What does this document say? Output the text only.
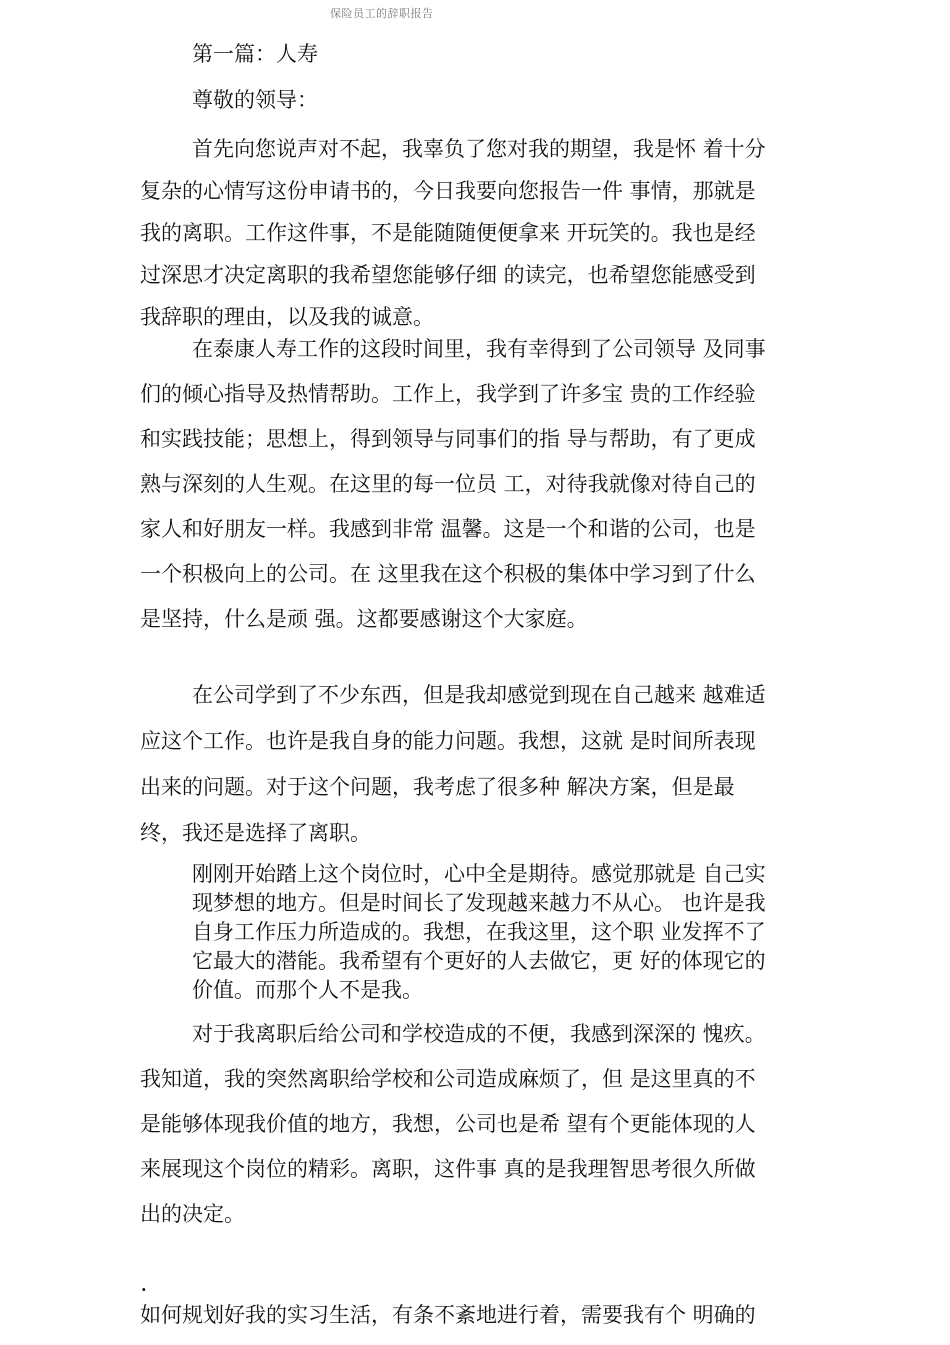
保险员工的辞职报告
第一篇：人寿
尊敬的领导：
首先向您说声对不起，我辜负了您对我的期望，我是怀 着十分
复杂的心情写这份申请书的，今日我要向您报告一件 事情，那就是
我的离职。工作这件事，不是能随随便便拿来 开玩笑的。我也是经
过深思才决定离职的我希望您能够仔细 的读完，也希望您能感受到
我辞职的理由，以及我的诚意。
在泰康人寿工作的这段时间里，我有幸得到了公司领导 及同事
们的倾心指导及热情帮助。工作上，我学到了许多宝 贵的工作经验
和实践技能；思想上，得到领导与同事们的指 导与帮助，有了更成
熟与深刻的人生观。在这里的每一位员 工，对待我就像对待自己的
家人和好朋友一样。我感到非常 温馨。这是一个和谐的公司，也是
一个积极向上的公司。在 这里我在这个积极的集体中学习到了什么
是坚持，什么是顽 强。这都要感谢这个大家庭。
在公司学到了不少东西，但是我却感觉到现在自己越来 越难适
应这个工作。也许是我自身的能力问题。我想，这就 是时间所表现
出来的问题。对于这个问题，我考虑了很多种 解决方案，但是最
终，我还是选择了离职。
刚刚开始踏上这个岗位时，心中全是期待。感觉那就是 自己实
现梦想的地方。但是时间长了发现越来越力不从心。 也许是我
自身工作压力所造成的。我想，在我这里，这个职 业发挥不了
它最大的潜能。我希望有个更好的人去做它，更 好的体现它的
价值。而那个人不是我。
对于我离职后给公司和学校造成的不便，我感到深深的 愧疚。
我知道，我的突然离职给学校和公司造成麻烦了，但 是这里真的不
是能够体现我价值的地方，我想，公司也是希 望有个更能体现的人
来展现这个岗位的精彩。离职，这件事 真的是我理智思考很久所做
出的决定。
.
如何规划好我的实习生活，有条不紊地进行着，需要我有个 明确的
